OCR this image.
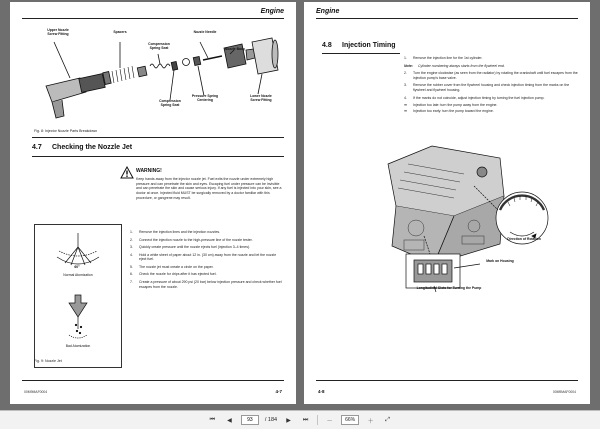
Engine
Upper Nozzle
Screw Fitting	Spacers	Nozzle Needle
Compression
Spring Seat	Nozzle Body
Compression
Spring Seat
Pressure Spring
Centering
Lower Nozzle
Screw Fitting
Fig. 8: Injector Nozzle Parts Breakdown
4.7 Checking the Nozzle Jet
WARNING!
Keep hands away from the injector nozzle jet. Fuel exits the nozzle under extremely high pressure and can penetrate the skin and eyes. Escaping fuel under pressure can be invisible and can penetrate the skin and cause serious injury. If any fuel is injected into your skin, see a doctor at once. Injected fluid MUST be surgically removed by a doctor familiar with this procedure, or gangrene may result.
60°
Normal Atomization
Bad Atomization
Fig. 9: Nozzle Jet
1. Remove the injection lines and the injection nozzles.
2. Connect the injection nozzle to the high-pressure line of the nozzle tester.
3. Quickly create pressure until the nozzle ejects fuel (injection 3–4 times).
4. Hold a white sheet of paper about 12 in. (30 cm) away from the nozzle and let the nozzle eject fuel.
5. The nozzle jet must create a circle on the paper.
6. Check the nozzle for drips after it has ejected fuel.
7. Create a pressure of about 290 psi (20 bar) below injection pressure and check whether fuel escapes from the nozzle.
00M9MAF0004	4-7
Engine
4.8 Injection Timing
1. Remove the injection line for the 1st cylinder.
Note: Cylinder numbering always starts from the flywheel end.
2. Turn the engine clockwise (as seen from the radiator) by rotating the crankshaft until fuel escapes from the injection pump's base valve.
3. Remove the rubber cover from the flywheel housing and check injection timing from the marks on the flywheel and flywheel housing.
4. If the marks do not coincide, adjust injection timing by turning the fuel injection pump.
➡ Injection too late: turn the pump away from the engine.
➡ Injection too early: turn the pump toward the engine.
Direction of Rotation
Mark on Housing
Longitudinal Slots for Turning the Pump
4-8	00M9MAF0004
⏮	◀
93	/ 184	▶	⏭	－	66%	＋	⤢
